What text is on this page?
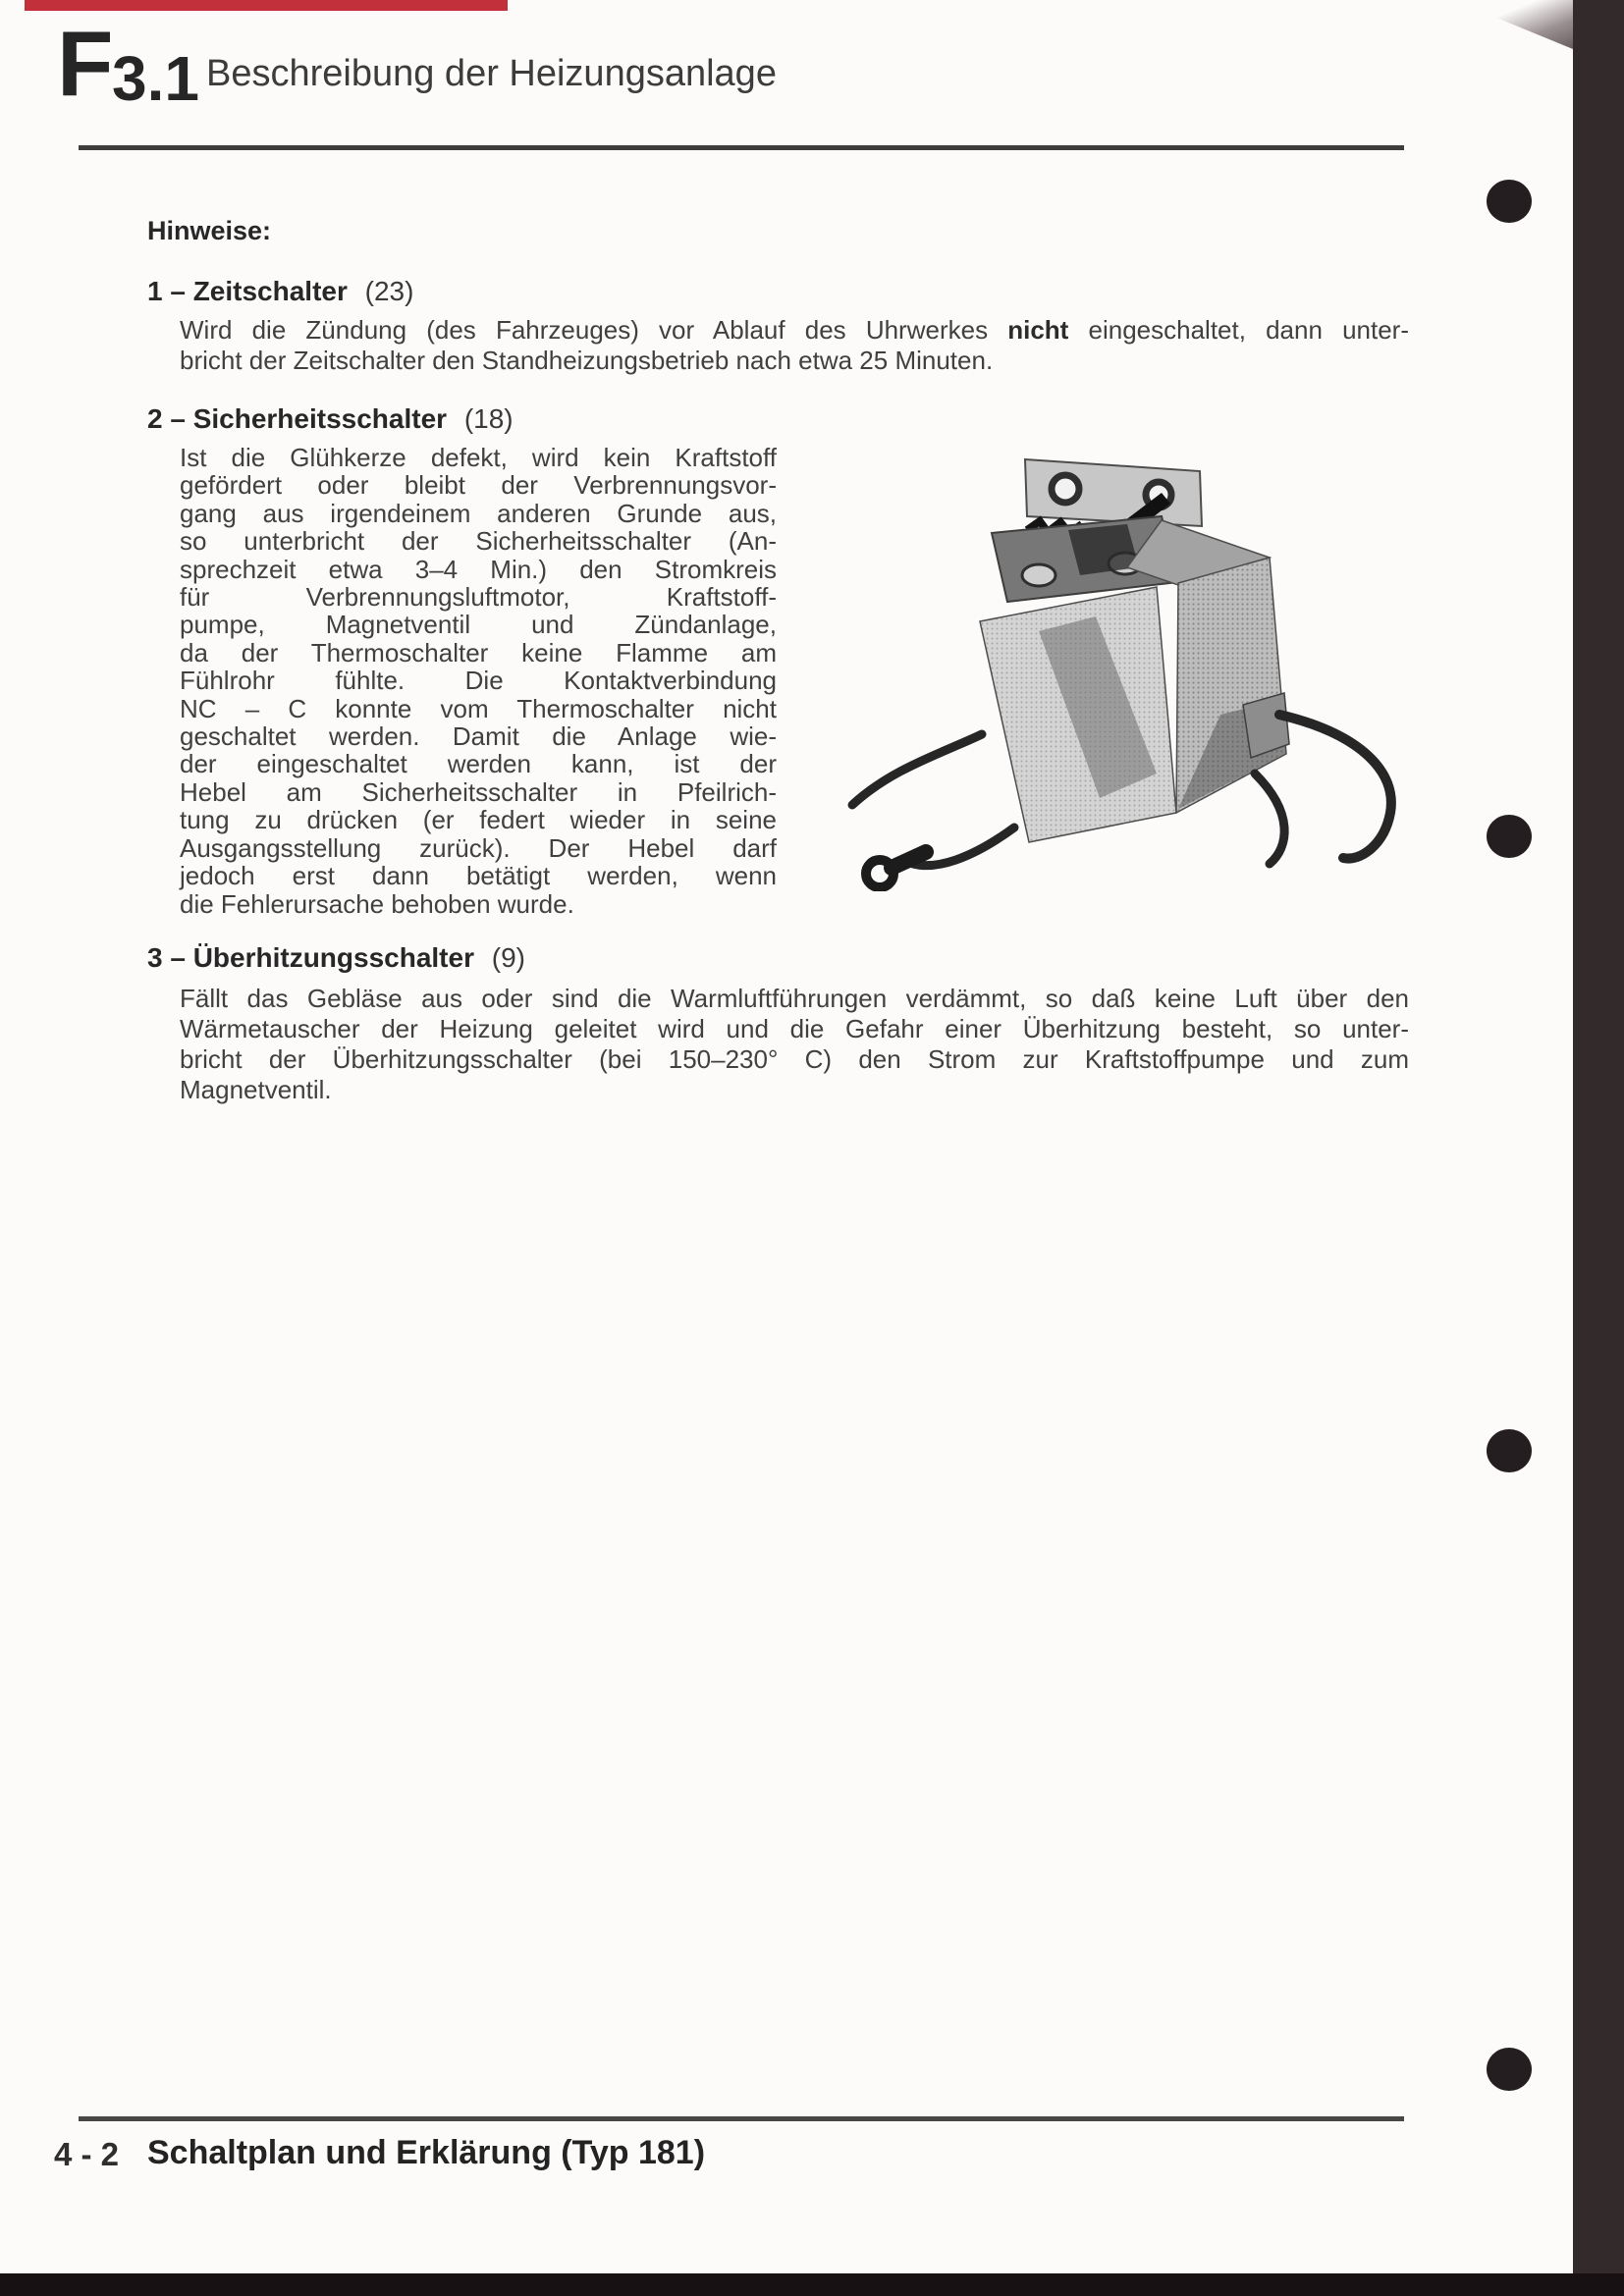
F
3.1 Beschreibung der Heizungsanlage
Hinweise:
1 – Zeitschalter (23)
Wird die Zündung (des Fahrzeuges) vor Ablauf des Uhrwerkes nicht eingeschaltet, dann unter-
bricht der Zeitschalter den Standheizungsbetrieb nach etwa 25 Minuten.
2 – Sicherheitsschalter (18)
Ist die Glühkerze defekt, wird kein Kraftstoff
gefördert oder bleibt der Verbrennungsvor-
gang aus irgendeinem anderen Grunde aus,
so unterbricht der Sicherheitsschalter (An-
sprechzeit etwa 3–4 Min.) den Stromkreis
für Verbrennungsluftmotor, Kraftstoff-
pumpe, Magnetventil und Zündanlage,
da der Thermoschalter keine Flamme am
Fühlrohr fühlte. Die Kontaktverbindung
NC – C konnte vom Thermoschalter nicht
geschaltet werden. Damit die Anlage wie-
der eingeschaltet werden kann, ist der
Hebel am Sicherheitsschalter in Pfeilrich-
tung zu drücken (er federt wieder in seine
Ausgangsstellung zurück). Der Hebel darf
jedoch erst dann betätigt werden, wenn
die Fehlerursache behoben wurde.
3 – Überhitzungsschalter (9)
Fällt das Gebläse aus oder sind die Warmluftführungen verdämmt, so daß keine Luft über den
Wärmetauscher der Heizung geleitet wird und die Gefahr einer Überhitzung besteht, so unter-
bricht der Überhitzungsschalter (bei 150–230° C) den Strom zur Kraftstoffpumpe und zum
Magnetventil.
4 - 2 Schaltplan und Erklärung (Typ 181)
